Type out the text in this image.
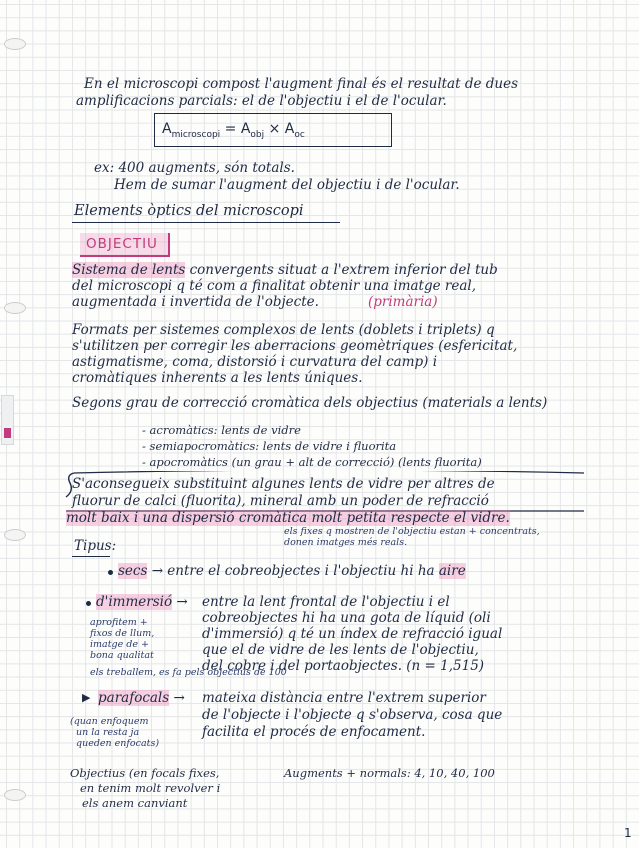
En el microscopi compost l'augment final és el resultat de dues
amplificacions parcials: el de l'objectiu i el de l'ocular.
$A_{microscopi} = A_{obj} \times A_{oc}$
ex: 400 augments, són totals.
Hem de sumar l'augment del objectiu i de l'ocular.
Elements òptics del microscopi
OBJECTIU
Sistema de lents convergents situat a l'extrem inferior del tub
del microscopi q té com a finalitat obtenir una imatge real,
augmentada i invertida de l'objecte.	(primària)
Formats per sistemes complexos de lents (doblets i triplets) q
s'utilitzen per corregir les aberracions geomètriques (esfericitat,
astigmatisme, coma, distorsió i curvatura del camp) i
cromàtiques inherents a les lents úniques.
Segons grau de correcció cromàtica dels objectius (materials a lents)
- acromàtics: lents de vidre
- semiapocromàtics: lents de vidre i fluorita
- apocromàtics (un grau + alt de correcció) (lents fluorita)
S'aconsegueix substituint algunes lents de vidre per altres de
fluorur de calci (fluorita), mineral amb un poder de refracció
molt baix i una dispersió cromàtica molt petita respecte el vidre.
els fixes q mostren de l'objectiu estan + concentrats,
donen imatges més reals.
Tipus:
secs → entre el cobreobjectes i l'objectiu hi ha aire
d'immersió → entre la lent frontal de l'objectiu i el
cobreobjectes hi ha una gota de líquid (oli
d'immersió) q té un índex de refracció igual
que el de vidre de les lents de l'objectiu,
del cobre i del portaobjectes. (n = 1,515)
aprofitem +
fixos de llum,
imatge de +
bona qualitat
els treballem, es fa pels objectius de 100
▶ parafocals → mateixa distància entre l'extrem superior
de l'objecte i l'objecte q s'observa, cosa que
facilita el procés de enfocament.
(quan enfoquem
un la resta ja
queden enfocats)
Objectius (en focals fixes,
en tenim molt revolver i
els anem canviant
Augments + normals: 4, 10, 40, 100
1
